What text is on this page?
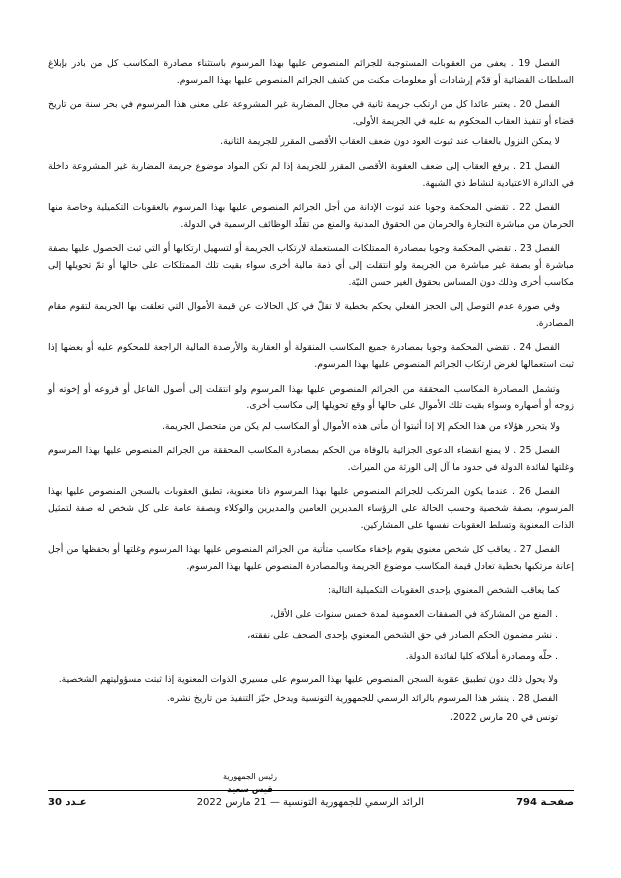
الفصل 19 . يعفى من العقوبات المستوجبة للجرائم المنصوص عليها بهذا المرسوم باستثناء مصادرة المكاسب كل من بادر بإبلاغ السلطات القضائية أو قدّم إرشادات أو معلومات مكنت من كشف الجرائم المنصوص عليها بهذا المرسوم.

الفصل 20 . يعتبر عائدا كل من ارتكب جريمة ثانية في مجال المضاربة غير المشروعة على معنى هذا المرسوم في بحر سنة من تاريخ قضاء أو تنفيذ العقاب المحكوم به عليه في الجريمة الأولى.

لا يمكن النزول بالعقاب عند ثبوت العود دون ضعف العقاب الأقصى المقرر للجريمة الثانية.

الفصل 21 . يرفع العقاب إلى ضعف العقوبة الأقصى المقرر للجريمة إذا لم تكن المواد موضوع جريمة المضاربة غير المشروعة داخلة في الدائرة الاعتيادية لنشاط ذي الشبهة.

الفصل 22 . تقضي المحكمة وجوبا عند ثبوت الإدانة من أجل الجرائم المنصوص عليها بهذا المرسوم بالعقوبات التكميلية وخاصة منها الحرمان من مباشرة التجارة والحرمان من الحقوق المدنية والمنع من تقلّد الوظائف الرسمية في الدولة.

الفصل 23 . تقضي المحكمة وجوبا بمصادرة الممتلكات المستعملة لارتكاب الجريمة أو لتسهيل ارتكابها أو التي ثبت الحصول عليها بصفة مباشرة أو بصفة غير مباشرة من الجريمة ولو انتقلت إلى أي ذمة مالية أخرى سواء بقيت تلك الممتلكات على حالها أو تمّ تحويلها إلى مكاسب أخرى وذلك دون المساس بحقوق الغير حسن النيّة.

وفي صورة عدم التوصل إلى الحجز الفعلي يحكم بخطية لا تقلّ في كل الحالات عن قيمة الأموال التي تعلقت بها الجريمة لتقوم مقام المصادرة.

الفصل 24 . تقضي المحكمة وجوبا بمصادرة جميع المكاسب المنقولة أو العقارية والأرصدة المالية الراجعة للمحكوم عليه أو بعضها إذا ثبت استعمالها لغرض ارتكاب الجرائم المنصوص عليها بهذا المرسوم.

وتشمل المصادرة المكاسب المحققة من الجرائم المنصوص عليها بهذا المرسوم ولو انتقلت إلى أصول الفاعل أو فروعه أو إخوته أو زوجه أو أصهاره وسواء بقيت تلك الأموال على حالها أو وقع تحويلها إلى مكاسب أخرى.

ولا يتحرر هؤلاء من هذا الحكم إلا إذا أثبتوا أن مأتى هذه الأموال أو المكاسب لم يكن من متحصل الجريمة.

الفصل 25 . لا يمنع انقضاء الدعوى الجزائية بالوفاة من الحكم بمصادرة المكاسب المحققة من الجرائم المنصوص عليها بهذا المرسوم وغلتها لفائدة الدولة في حدود ما آل إلى الورثة من الميراث.

الفصل 26 . عندما يكون المرتكب للجرائم المنصوص عليها بهذا المرسوم ذاتا معنوية، تطبق العقوبات بالسجن المنصوص عليها بهذا المرسوم، بصفة شخصية وحسب الحالة على الرؤساء المديرين العامين والمديرين والوكلاء وبصفة عامة على كل شخص له صفة لتمثيل الذات المعنوية وتسلط العقوبات نفسها على المشاركين.

الفصل 27 . يعاقب كل شخص معنوي يقوم بإخفاء مكاسب متأتية من الجرائم المنصوص عليها بهذا المرسوم وغلتها أو بحفظها من أجل إعانة مرتكبها بخطية تعادل قيمة المكاسب موضوع الجريمة وبالمصادرة المنصوص عليها بهذا المرسوم.

كما يعاقب الشخص المعنوي بإحدى العقوبات التكميلية التالية:

. المنع من المشاركة في الصفقات العمومية لمدة خمس سنوات على الأقل،
. نشر مضمون الحكم الصادر في حق الشخص المعنوي بإحدى الصحف على نفقته،
. حلّه ومصادرة أملاكه كليا لفائدة الدولة.

ولا يحول ذلك دون تطبيق عقوبة السجن المنصوص عليها بهذا المرسوم على مسيري الذوات المعنوية إذا ثبتت مسؤوليتهم الشخصية.

الفصل 28 . ينشر هذا المرسوم بالرائد الرسمي للجمهورية التونسية ويدخل حيّز التنفيذ من تاريخ نشره.

تونس في 20 مارس 2022.

رئيس الجمهورية
قيس سعيد
صفحـة 794
الرائد الرسمي للجمهورية التونسية — 21 مارس 2022
عـدد 30
